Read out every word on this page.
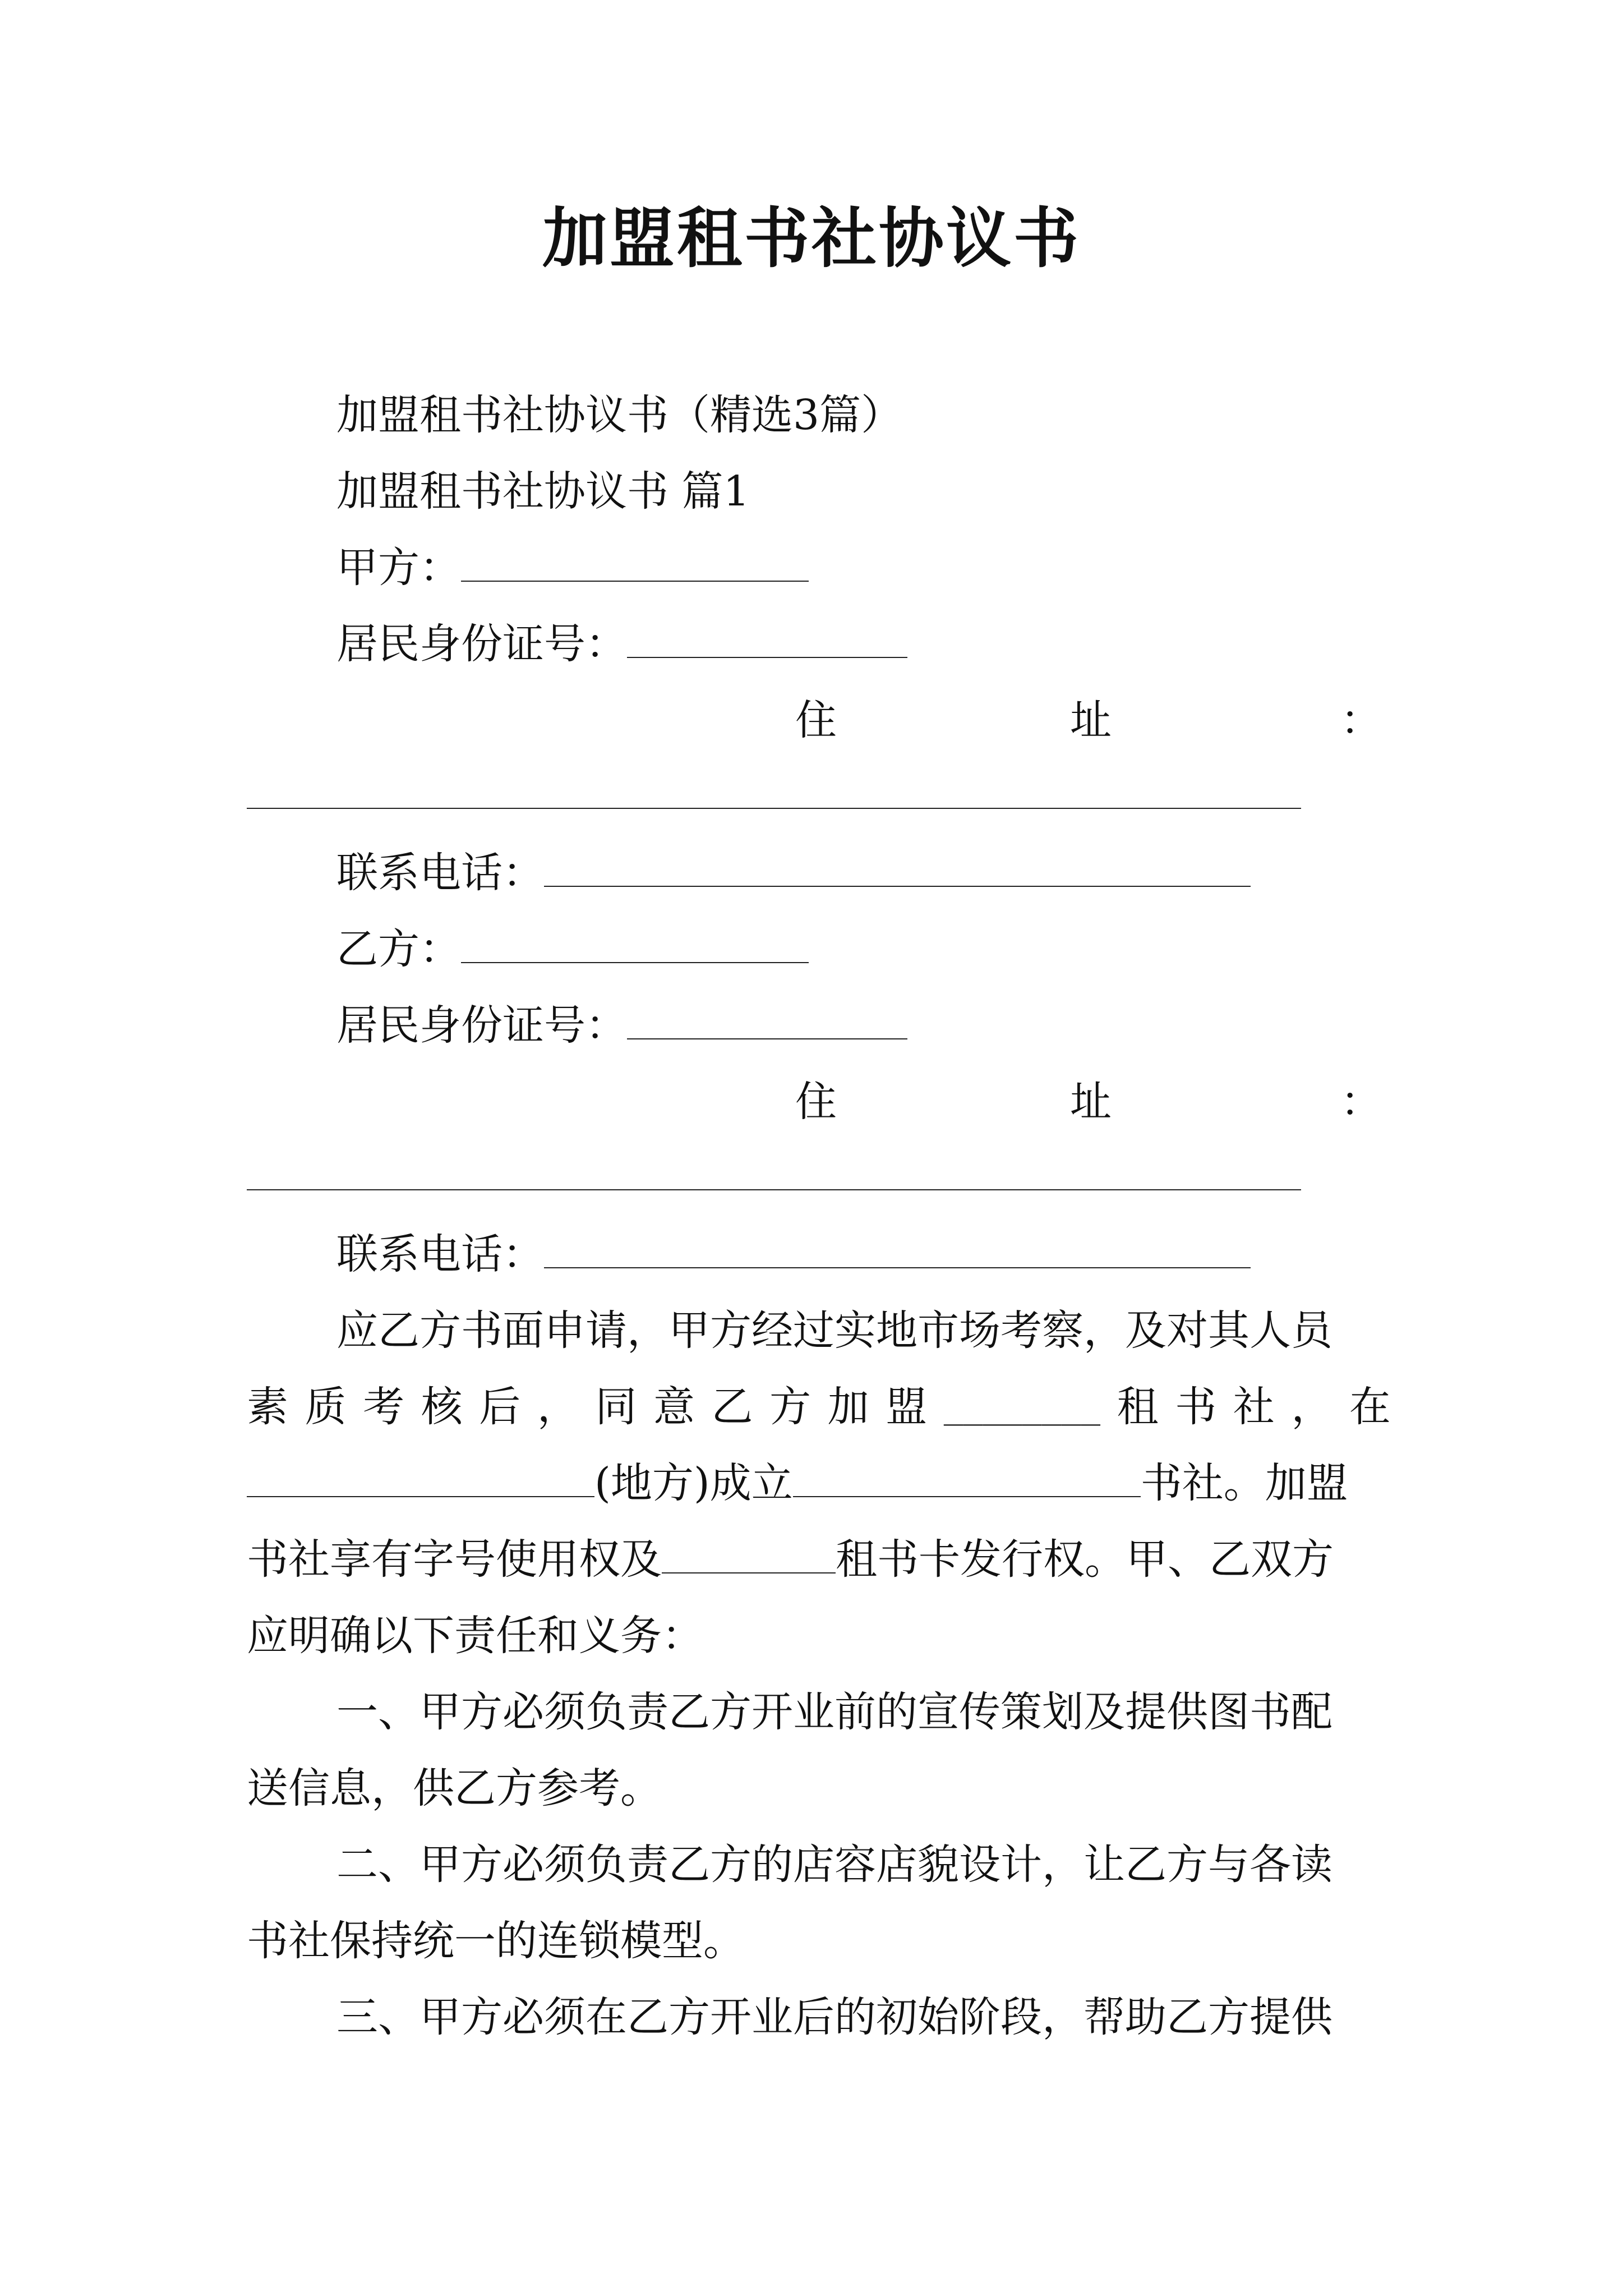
加盟租书社协议书
加盟租书社协议书（精选3篇）
加盟租书社协议书 篇1
甲方：
居民身份证号：
住	址	：
联系电话：
乙方：
居民身份证号：
住	址	：
联系电话：
应乙方书面申请，甲方经过实地市场考察，及对其人员
素 质 考 核 后 ， 同 意 乙 方 加 盟 ________ 租 书 社 ， 在
(地方)成立	书社。加盟
书社享有字号使用权及	租书卡发行权。甲、乙双方
应明确以下责任和义务：
一、甲方必须负责乙方开业前的宣传策划及提供图书配
送信息，供乙方参考。
二、甲方必须负责乙方的店容店貌设计，让乙方与各读
书社保持统一的连锁模型。
三、甲方必须在乙方开业后的初始阶段，帮助乙方提供
